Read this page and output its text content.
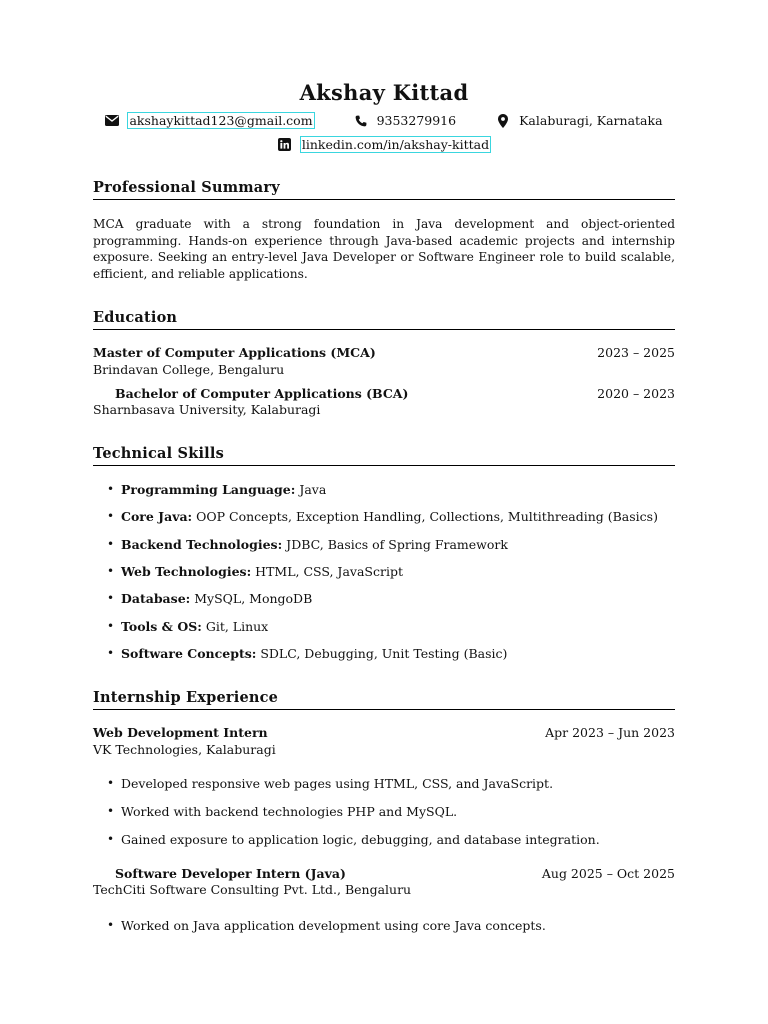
Akshay Kittad
akshaykittad123@gmail.com	9353279916	Kalaburagi, Karnataka
linkedin.com/in/akshay-kittad
Professional Summary
MCA graduate with a strong foundation in Java development and object-oriented programming. Hands-on experience through Java-based academic projects and internship exposure. Seeking an entry-level Java Developer or Software Engineer role to build scalable, efficient, and reliable applications.
Education
Master of Computer Applications (MCA)	2023 – 2025
Brindavan College, Bengaluru
Bachelor of Computer Applications (BCA)	2020 – 2023
Sharnbasava University, Kalaburagi
Technical Skills
• Programming Language: Java
• Core Java: OOP Concepts, Exception Handling, Collections, Multithreading (Basics)
• Backend Technologies: JDBC, Basics of Spring Framework
• Web Technologies: HTML, CSS, JavaScript
• Database: MySQL, MongoDB
• Tools & OS: Git, Linux
• Software Concepts: SDLC, Debugging, Unit Testing (Basic)
Internship Experience
Web Development Intern	Apr 2023 – Jun 2023
VK Technologies, Kalaburagi
• Developed responsive web pages using HTML, CSS, and JavaScript.
• Worked with backend technologies PHP and MySQL.
• Gained exposure to application logic, debugging, and database integration.
Software Developer Intern (Java)	Aug 2025 – Oct 2025
TechCiti Software Consulting Pvt. Ltd., Bengaluru
• Worked on Java application development using core Java concepts.
